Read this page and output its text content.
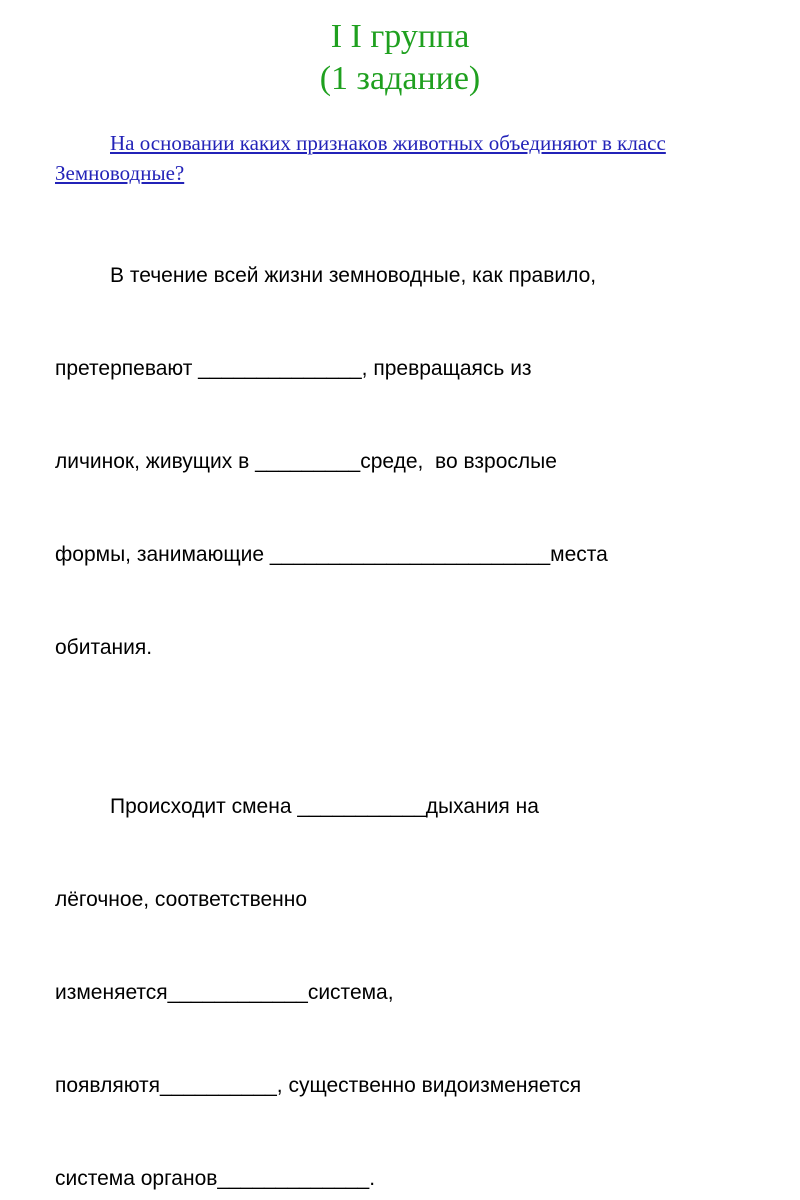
I I группа
(1 задание)
На основании каких признаков животных объединяют в класс Земноводные?

В течение всей жизни земноводные, как правило,

претерпевают ______________, превращаясь из

личинок, живущих в _________среде,  во взрослые

формы, занимающие ________________________места

обитания.

Происходит смена ___________дыхания на

лёгочное, соответственно

изменяется____________система,

появляютя__________, существенно видоизменяется

система органов_____________.
